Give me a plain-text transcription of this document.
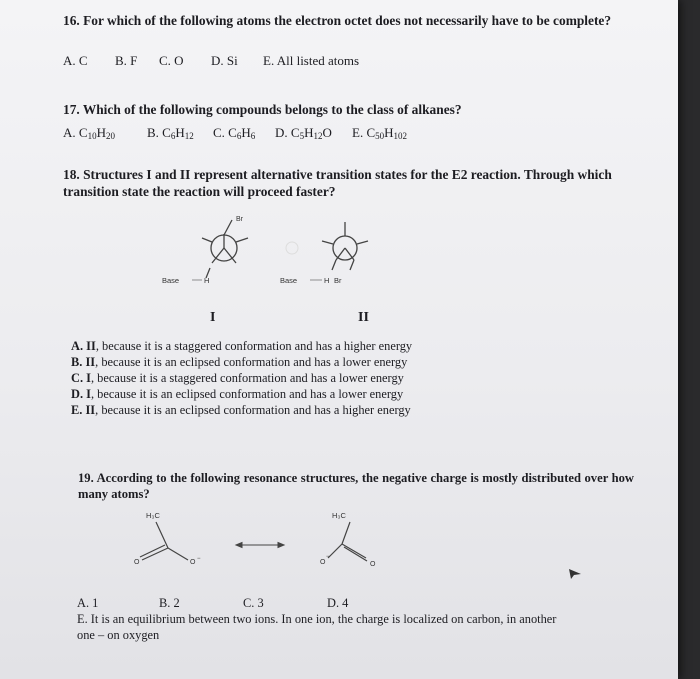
16. For which of the following atoms the electron octet does not necessarily have to be complete?
A. C B. F C. O D. Si E. All listed atoms
17. Which of the following compounds belongs to the class of alkanes?
A. $C_{10}H_{20}$ B. $C_6H_{12}$ C. $C_6H_6$ D. $C_5H_{12}O$ E. $C_{50}H_{102}$
18. Structures I and II represent alternative transition states for the E2 reaction. Through which transition state the reaction will proceed faster?
Br
Base	H	Base	H Br
I	II
A. II, because it is a staggered conformation and has a higher energy
B. II, because it is an eclipsed conformation and has a lower energy
C. I, because it is a staggered conformation and has a lower energy
D. I, because it is an eclipsed conformation and has a lower energy
E. II, because it is an eclipsed conformation and has a higher energy
19. According to the following resonance structures, the negative charge is mostly distributed over how many atoms?
H₃C
O	O −
H₃C
O
−
O
A. 1	B. 2	C. 3	D. 4
E. It is an equilibrium between two ions. In one ion, the charge is localized on carbon, in another
one – on oxygen
